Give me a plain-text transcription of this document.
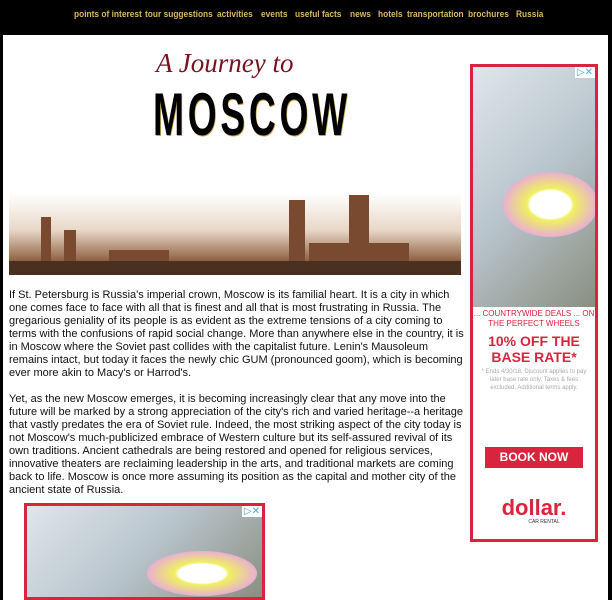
points of interest tour suggestions activities events useful facts news hotels transportation brochures Russia
A Journey to
MOSCOW

If St. Petersburg is Russia's imperial crown, Moscow is its familial heart. It is a city in which one comes face to face with all that is finest and all that is most frustrating in Russia. The gregarious geniality of its people is as evident as the extreme tensions of a city coming to terms with the confusions of rapid social change. More than anywhere else in the country, it is in Moscow where the Soviet past collides with the capitalist future. Lenin's Mausoleum remains intact, but today it faces the newly chic GUM (pronounced goom), which is becoming ever more akin to Macy's or Harrod's.

Yet, as the new Moscow emerges, it is becoming increasingly clear that any move into the future will be marked by a strong appreciation of the city's rich and varied heritage--a heritage that vastly predates the era of Soviet rule. Indeed, the most striking aspect of the city today is not Moscow's much-publicized embrace of Western culture but its self-assured revival of its own traditions. Ancient cathedrals are being restored and opened for religious services, innovative theaters are reclaiming leadership in the arts, and traditional markets are coming back to life. Moscow is once more assuming its position as the capital and mother city of the ancient state of Russia.

▷✕
... COUNTRYWIDE DEALS ... ON THE PERFECT WHEELS
10% OFF THE BASE RATE*
* Ends 4/30/18. Discount applies to pay later base rate only. Taxes & fees excluded. Additional terms apply.
BOOK NOW
dollar.
CAR RENTAL
▷✕
